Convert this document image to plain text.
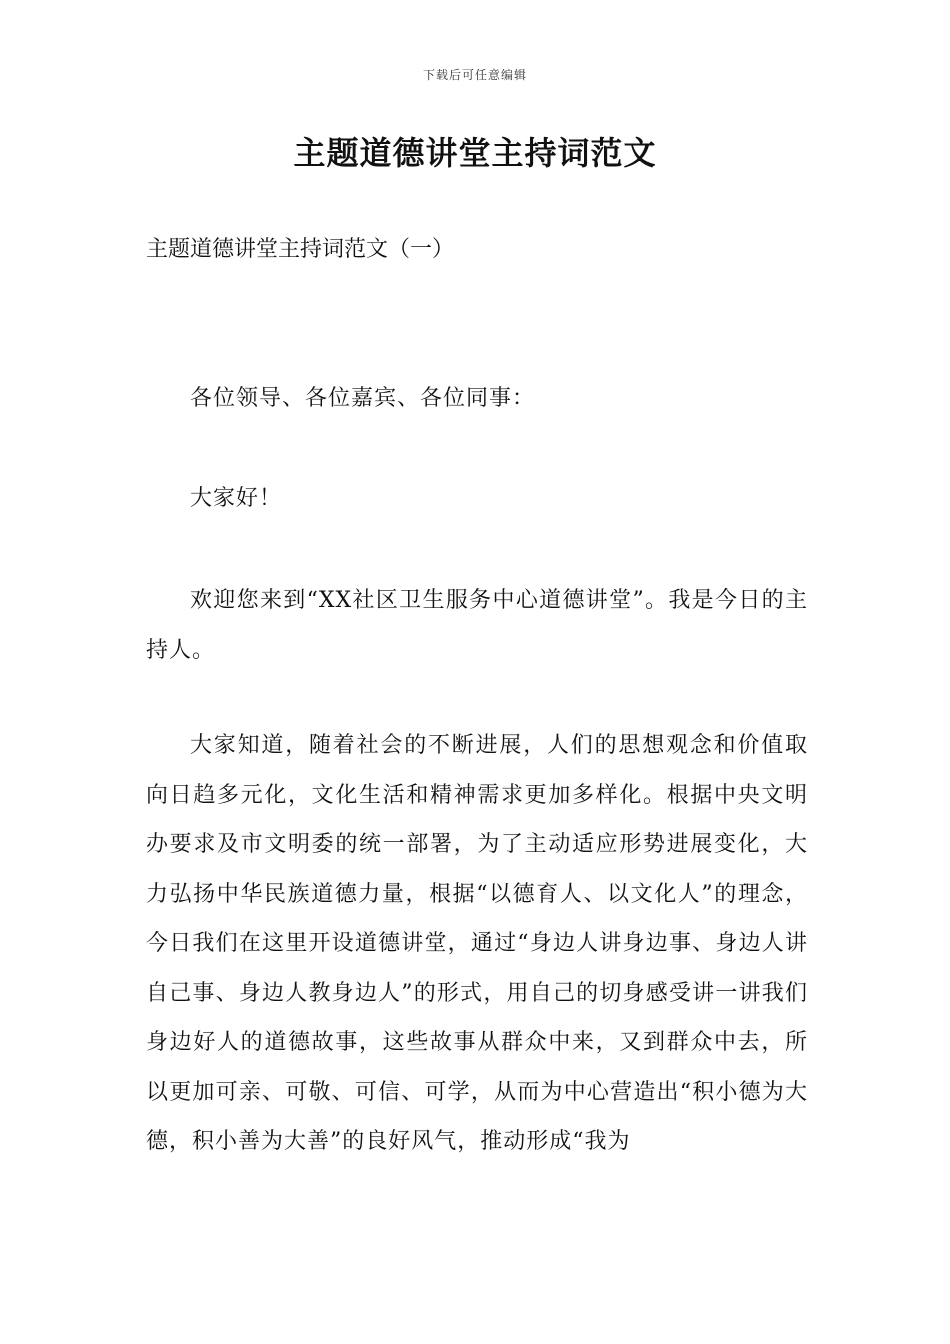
下载后可任意编辑
主题道德讲堂主持词范文

主题道德讲堂主持词范文（一）

各位领导、各位嘉宾、各位同事：

大家好！

欢迎您来到“XX社区卫生服务中心道德讲堂”。我是今日的主持人。

大家知道，随着社会的不断进展，人们的思想观念和价值取向日趋多元化，文化生活和精神需求更加多样化。根据中央文明办要求及市文明委的统一部署，为了主动适应形势进展变化，大力弘扬中华民族道德力量，根据“以德育人、以文化人”的理念，今日我们在这里开设道德讲堂，通过“身边人讲身边事、身边人讲自己事、身边人教身边人”的形式，用自己的切身感受讲一讲我们身边好人的道德故事，这些故事从群众中来，又到群众中去，所以更加可亲、可敬、可信、可学，从而为中心营造出“积小德为大德，积小善为大善”的良好风气，推动形成“我为
